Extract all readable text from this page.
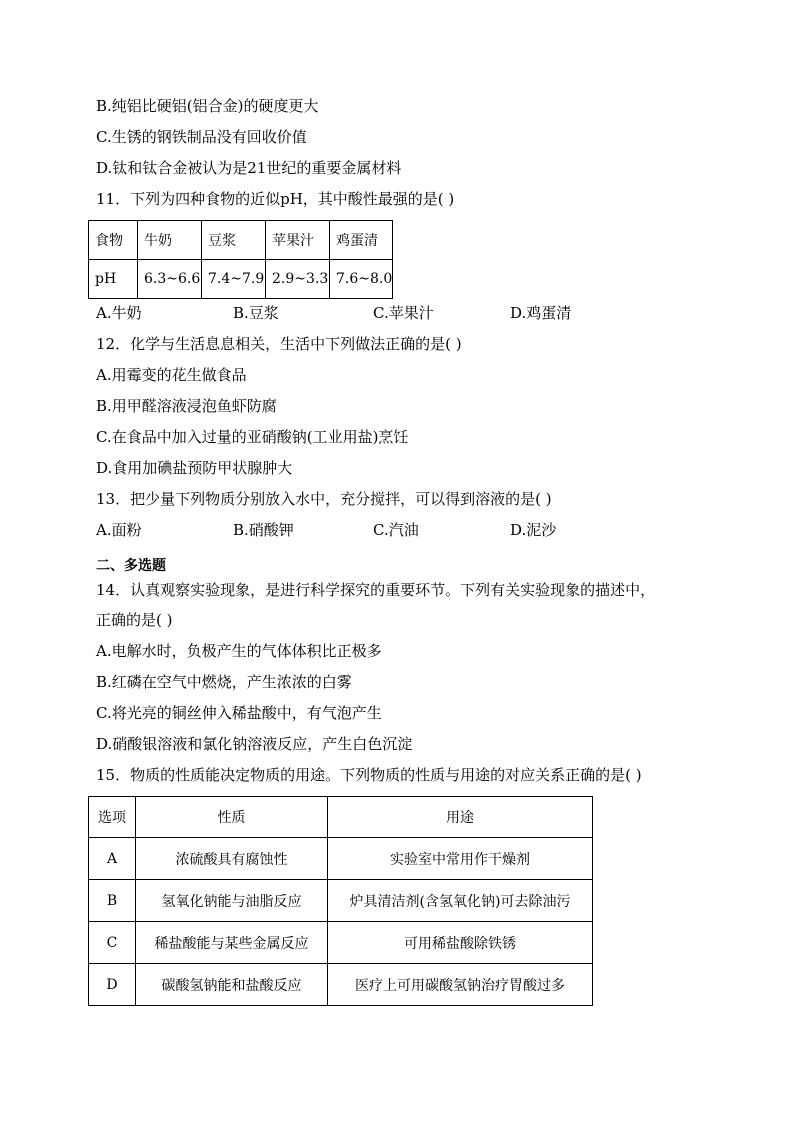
B.纯铝比硬铝(铝合金)的硬度更大
C.生锈的钢铁制品没有回收价值
D.钛和钛合金被认为是21世纪的重要金属材料
11．下列为四种食物的近似pH，其中酸性最强的是( )
食物	牛奶	豆浆	苹果汁	鸡蛋清
pH	6.3~6.6	7.4~7.9	2.9~3.3	7.6~8.0
A.牛奶	B.豆浆	C.苹果汁	D.鸡蛋清
12．化学与生活息息相关，生活中下列做法正确的是( )
A.用霉变的花生做食品
B.用甲醛溶液浸泡鱼虾防腐
C.在食品中加入过量的亚硝酸钠(工业用盐)烹饪
D.食用加碘盐预防甲状腺肿大
13．把少量下列物质分别放入水中，充分搅拌，可以得到溶液的是( )
A.面粉	B.硝酸钾	C.汽油	D.泥沙
二、多选题
14．认真观察实验现象，是进行科学探究的重要环节。下列有关实验现象的描述中，
正确的是( )
A.电解水时，负极产生的气体体积比正极多
B.红磷在空气中燃烧，产生浓浓的白雾
C.将光亮的铜丝伸入稀盐酸中，有气泡产生
D.硝酸银溶液和氯化钠溶液反应，产生白色沉淀
15．物质的性质能决定物质的用途。下列物质的性质与用途的对应关系正确的是( )
选项	性质	用途
A	浓硫酸具有腐蚀性	实验室中常用作干燥剂
B	氢氧化钠能与油脂反应	炉具清洁剂(含氢氧化钠)可去除油污
C	稀盐酸能与某些金属反应	可用稀盐酸除铁锈
D	碳酸氢钠能和盐酸反应	医疗上可用碳酸氢钠治疗胃酸过多
